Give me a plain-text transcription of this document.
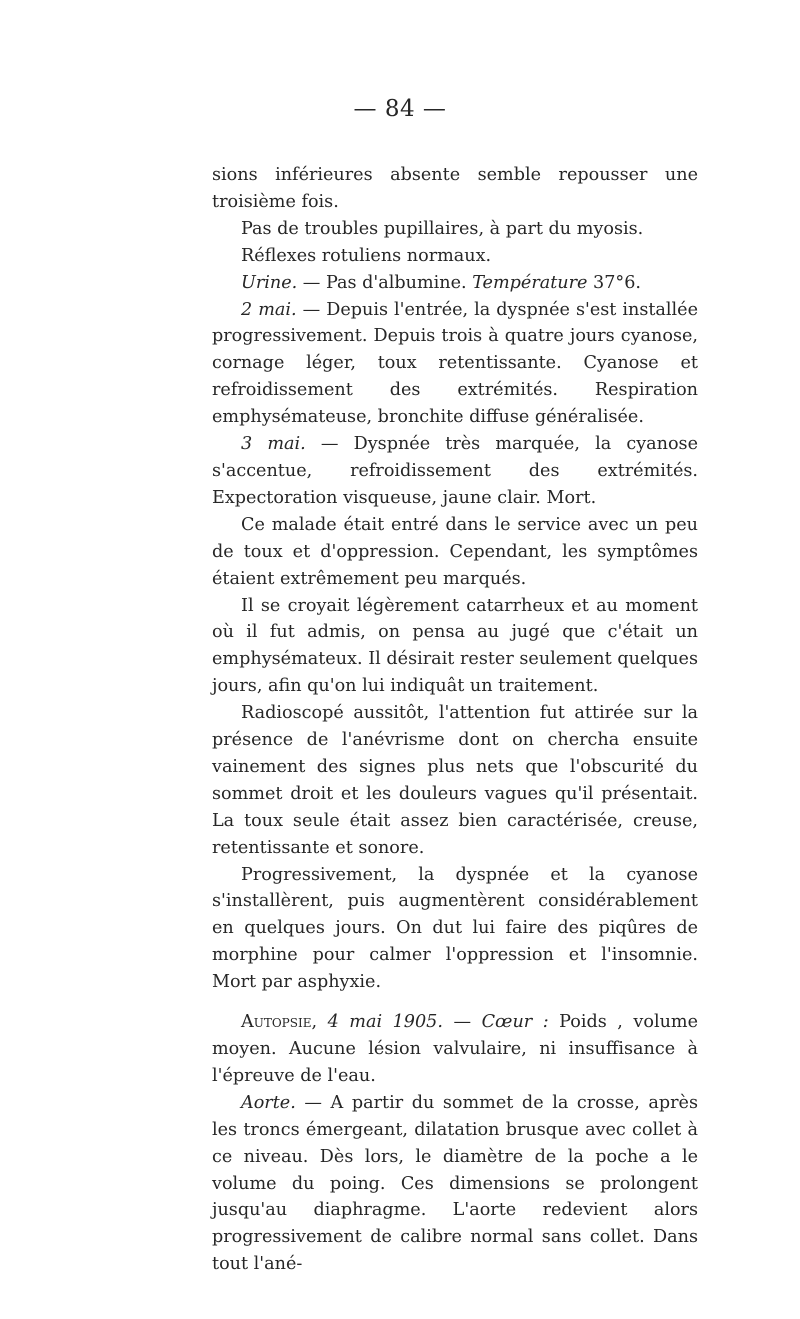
— 84 —

sions inférieures absente semble repousser une troisième fois.

Pas de troubles pupillaires, à part du myosis.

Réflexes rotuliens normaux.

Urine. — Pas d'albumine. Température 37°6.

2 mai. — Depuis l'entrée, la dyspnée s'est installée progressivement. Depuis trois à quatre jours cyanose, cornage léger, toux retentissante. Cyanose et refroidissement des extrémités. Respiration emphysémateuse, bronchite diffuse généralisée.

3 mai. — Dyspnée très marquée, la cyanose s'accentue, refroidissement des extrémités. Expectoration visqueuse, jaune clair. Mort.

Ce malade était entré dans le service avec un peu de toux et d'oppression. Cependant, les symptômes étaient extrêmement peu marqués.

Il se croyait légèrement catarrheux et au moment où il fut admis, on pensa au jugé que c'était un emphysémateux. Il désirait rester seulement quelques jours, afin qu'on lui indiquât un traitement.

Radioscopé aussitôt, l'attention fut attirée sur la présence de l'anévrisme dont on chercha ensuite vainement des signes plus nets que l'obscurité du sommet droit et les douleurs vagues qu'il présentait. La toux seule était assez bien caractérisée, creuse, retentissante et sonore.

Progressivement, la dyspnée et la cyanose s'installèrent, puis augmentèrent considérablement en quelques jours. On dut lui faire des piqûres de morphine pour calmer l'oppression et l'insomnie. Mort par asphyxie.

Autopsie, 4 mai 1905. — Cœur : Poids , volume moyen. Aucune lésion valvulaire, ni insuffisance à l'épreuve de l'eau.

Aorte. — A partir du sommet de la crosse, après les troncs émergeant, dilatation brusque avec collet à ce niveau. Dès lors, le diamètre de la poche a le volume du poing. Ces dimensions se prolongent jusqu'au diaphragme. L'aorte redevient alors progressivement de calibre normal sans collet. Dans tout l'ané-
